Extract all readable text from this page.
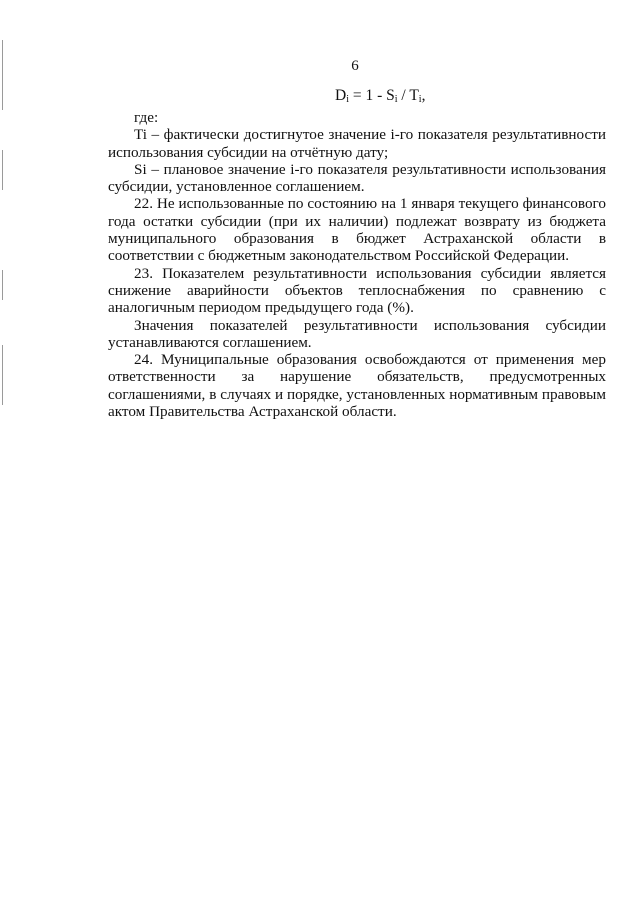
6
$D_i = 1 - S_i / T_i$,

где:

Ti – фактически достигнутое значение i-го показателя результативности использования субсидии на отчётную дату;

Si – плановое значение i-го показателя результативности использования субсидии, установленное соглашением.

22. Не использованные по состоянию на 1 января текущего финансового года остатки субсидии (при их наличии) подлежат возврату из бюджета муниципального образования в бюджет Астраханской области в соответствии с бюджетным законодательством Российской Федерации.

23. Показателем результативности использования субсидии является снижение аварийности объектов теплоснабжения по сравнению с аналогичным периодом предыдущего года (%).

Значения показателей результативности использования субсидии устанавливаются соглашением.

24. Муниципальные образования освобождаются от применения мер ответственности за нарушение обязательств, предусмотренных соглашениями, в случаях и порядке, установленных нормативным правовым актом Правительства Астраханской области.
